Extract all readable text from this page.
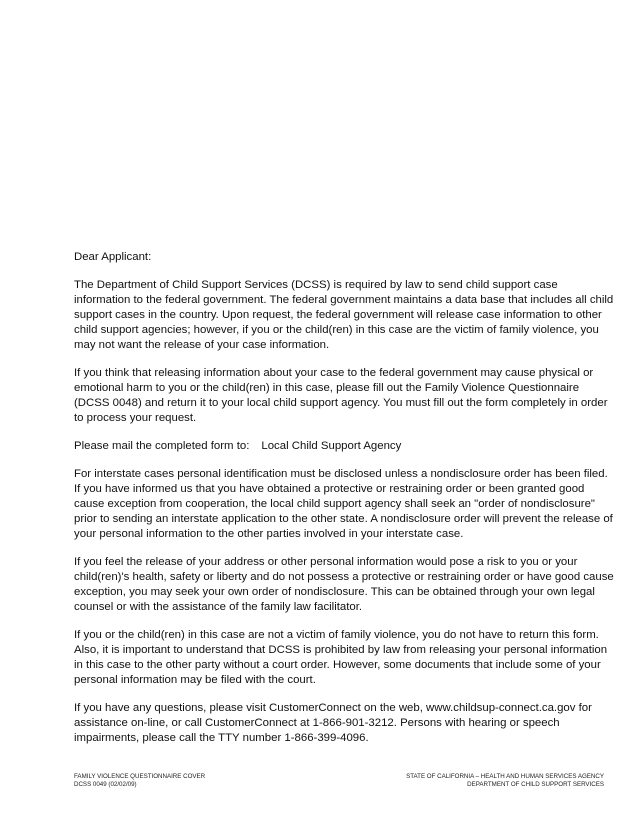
Dear Applicant:

The Department of Child Support Services (DCSS) is required by law to send child support case information to the federal government. The federal government maintains a data base that includes all child support cases in the country. Upon request, the federal government will release case information to other child support agencies; however, if you or the child(ren) in this case are the victim of family violence, you may not want the release of your case information.

If you think that releasing information about your case to the federal government may cause physical or emotional harm to you or the child(ren) in this case, please fill out the Family Violence Questionnaire (DCSS 0048) and return it to your local child support agency. You must fill out the form completely in order to process your request.

Please mail the completed form to: Local Child Support Agency

For interstate cases personal identification must be disclosed unless a nondisclosure order has been filed. If you have informed us that you have obtained a protective or restraining order or been granted good cause exception from cooperation, the local child support agency shall seek an "order of nondisclosure" prior to sending an interstate application to the other state. A nondisclosure order will prevent the release of your personal information to the other parties involved in your interstate case.

If you feel the release of your address or other personal information would pose a risk to you or your child(ren)'s health, safety or liberty and do not possess a protective or restraining order or have good cause exception, you may seek your own order of nondisclosure. This can be obtained through your own legal counsel or with the assistance of the family law facilitator.

If you or the child(ren) in this case are not a victim of family violence, you do not have to return this form. Also, it is important to understand that DCSS is prohibited by law from releasing your personal information in this case to the other party without a court order. However, some documents that include some of your personal information may be filed with the court.

If you have any questions, please visit CustomerConnect on the web, www.childsup-connect.ca.gov for assistance on-line, or call CustomerConnect at 1-866-901-3212. Persons with hearing or speech impairments, please call the TTY number 1-866-399-4096.

FAMILY VIOLENCE QUESTIONNAIRE COVER
DCSS 0049 (02/02/09)
STATE OF CALIFORNIA – HEALTH AND HUMAN SERVICES AGENCY
DEPARTMENT OF CHILD SUPPORT SERVICES
